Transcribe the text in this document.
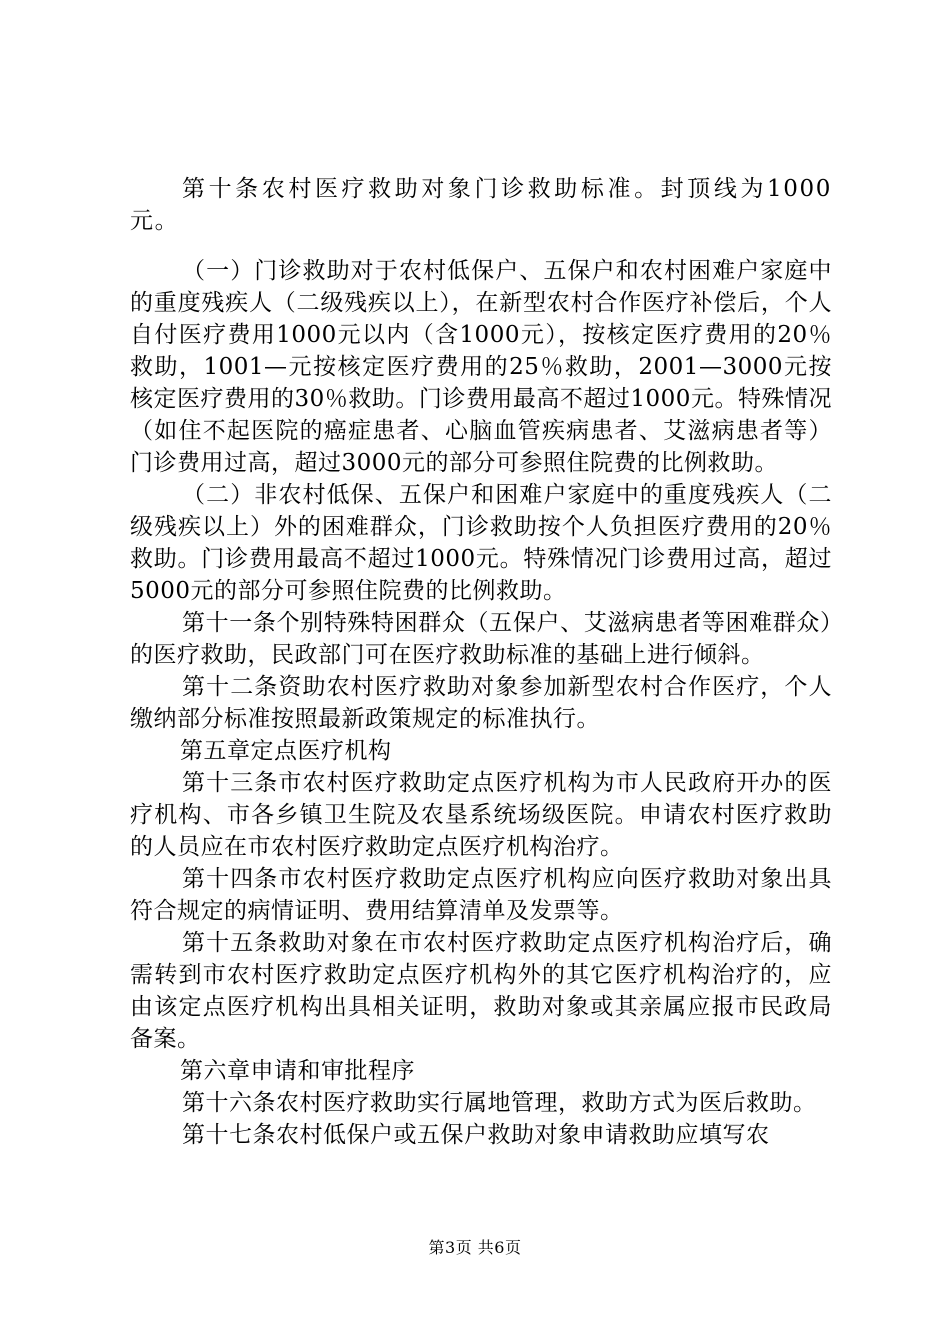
第十条农村医疗救助对象门诊救助标准。封顶线为1000元。

（一）门诊救助对于农村低保户、五保户和农村困难户家庭中的重度残疾人（二级残疾以上），在新型农村合作医疗补偿后，个人自付医疗费用1000元以内（含1000元），按核定医疗费用的20％救助，1001—元按核定医疗费用的25％救助，2001—3000元按核定医疗费用的30％救助。门诊费用最高不超过1000元。特殊情况（如住不起医院的癌症患者、心脑血管疾病患者、艾滋病患者等）门诊费用过高，超过3000元的部分可参照住院费的比例救助。

（二）非农村低保、五保户和困难户家庭中的重度残疾人（二级残疾以上）外的困难群众，门诊救助按个人负担医疗费用的20％救助。门诊费用最高不超过1000元。特殊情况门诊费用过高，超过5000元的部分可参照住院费的比例救助。

第十一条个别特殊特困群众（五保户、艾滋病患者等困难群众）的医疗救助，民政部门可在医疗救助标准的基础上进行倾斜。

第十二条资助农村医疗救助对象参加新型农村合作医疗，个人缴纳部分标准按照最新政策规定的标准执行。

第五章定点医疗机构

第十三条市农村医疗救助定点医疗机构为市人民政府开办的医疗机构、市各乡镇卫生院及农垦系统场级医院。申请农村医疗救助的人员应在市农村医疗救助定点医疗机构治疗。

第十四条市农村医疗救助定点医疗机构应向医疗救助对象出具符合规定的病情证明、费用结算清单及发票等。

第十五条救助对象在市农村医疗救助定点医疗机构治疗后，确需转到市农村医疗救助定点医疗机构外的其它医疗机构治疗的，应由该定点医疗机构出具相关证明，救助对象或其亲属应报市民政局备案。

第六章申请和审批程序

第十六条农村医疗救助实行属地管理，救助方式为医后救助。

第十七条农村低保户或五保户救助对象申请救助应填写农

第3页 共6页
